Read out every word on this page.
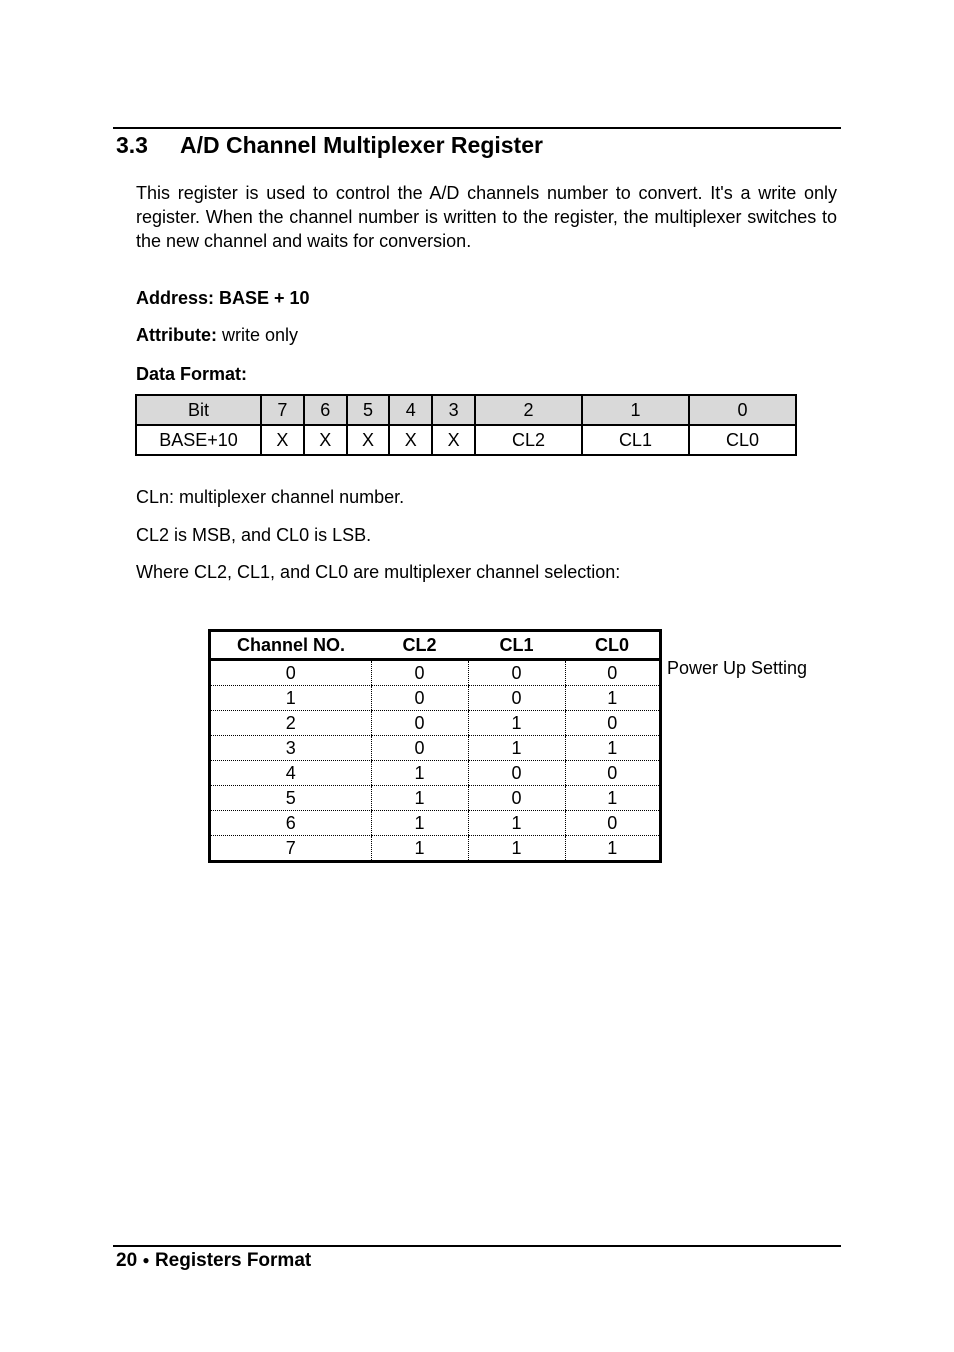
3.3 A/D Channel Multiplexer Register
This register is used to control the A/D channels number to convert. It's a write only register. When the channel number is written to the register, the multiplexer switches to the new channel and waits for conversion.
Address: BASE + 10
Attribute: write only
Data Format:
Bit	7	6	5	4	3	2	1	0
BASE+10	X	X	X	X	X	CL2	CL1	CL0
CLn: multiplexer channel number.
CL2 is MSB, and CL0 is LSB.
Where CL2, CL1, and CL0 are multiplexer channel selection:
Channel NO.	CL2	CL1	CL0
0	0	0	0
1	0	0	1
2	0	1	0
3	0	1	1
4	1	0	0
5	1	0	1
6	1	1	0
7	1	1	1
Power Up Setting
20 ● Registers Format
